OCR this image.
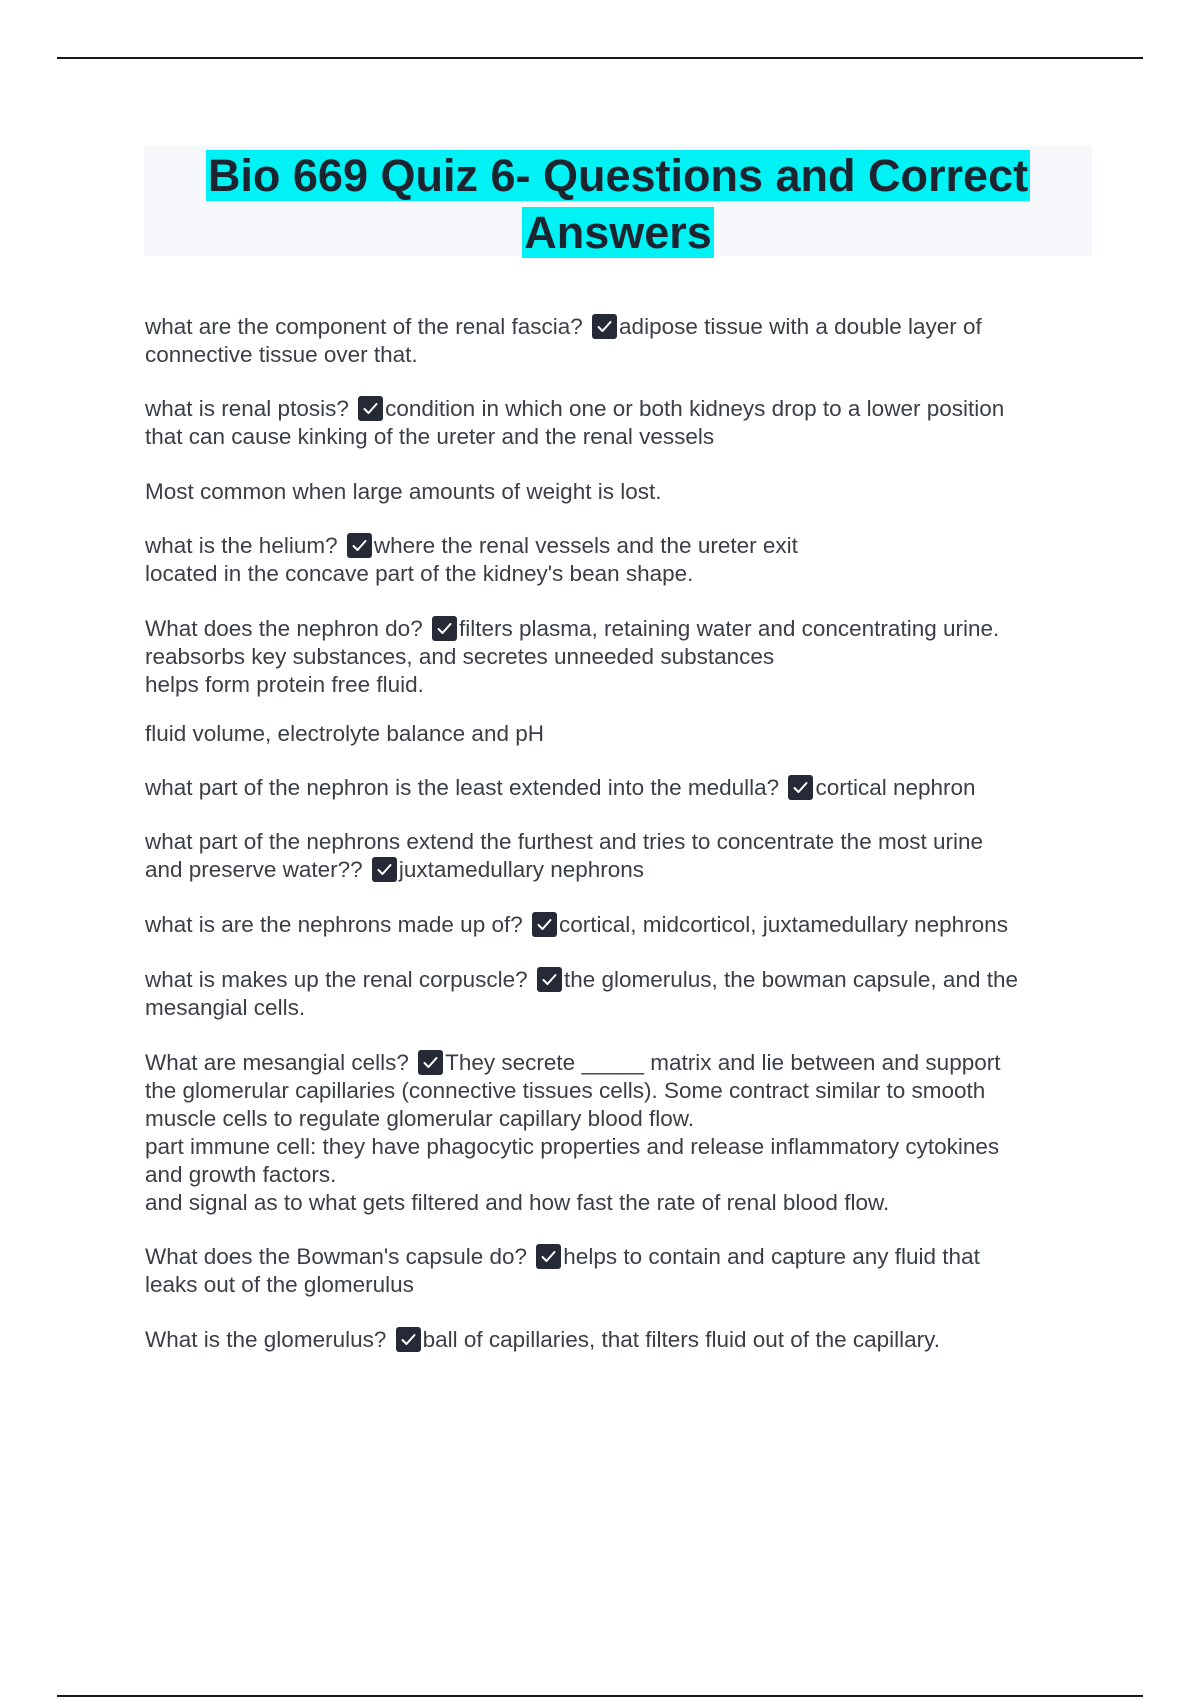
Bio 669 Quiz 6- Questions and Correct
Answers

what are the component of the renal fascia? adipose tissue with a double layer of
connective tissue over that.

what is renal ptosis? condition in which one or both kidneys drop to a lower position
that can cause kinking of the ureter and the renal vessels

Most common when large amounts of weight is lost.

what is the helium? where the renal vessels and the ureter exit
located in the concave part of the kidney's bean shape.

What does the nephron do? filters plasma, retaining water and concentrating urine.
reabsorbs key substances, and secretes unneeded substances
helps form protein free fluid.

fluid volume, electrolyte balance and pH

what part of the nephron is the least extended into the medulla? cortical nephron

what part of the nephrons extend the furthest and tries to concentrate the most urine
and preserve water?? juxtamedullary nephrons

what is are the nephrons made up of? cortical, midcorticol, juxtamedullary nephrons

what is makes up the renal corpuscle? the glomerulus, the bowman capsule, and the
mesangial cells.

What are mesangial cells? They secrete _____ matrix and lie between and support
the glomerular capillaries (connective tissues cells). Some contract similar to smooth
muscle cells to regulate glomerular capillary blood flow.
part immune cell: they have phagocytic properties and release inflammatory cytokines
and growth factors.
and signal as to what gets filtered and how fast the rate of renal blood flow.

What does the Bowman's capsule do? helps to contain and capture any fluid that
leaks out of the glomerulus

What is the glomerulus? ball of capillaries, that filters fluid out of the capillary.
